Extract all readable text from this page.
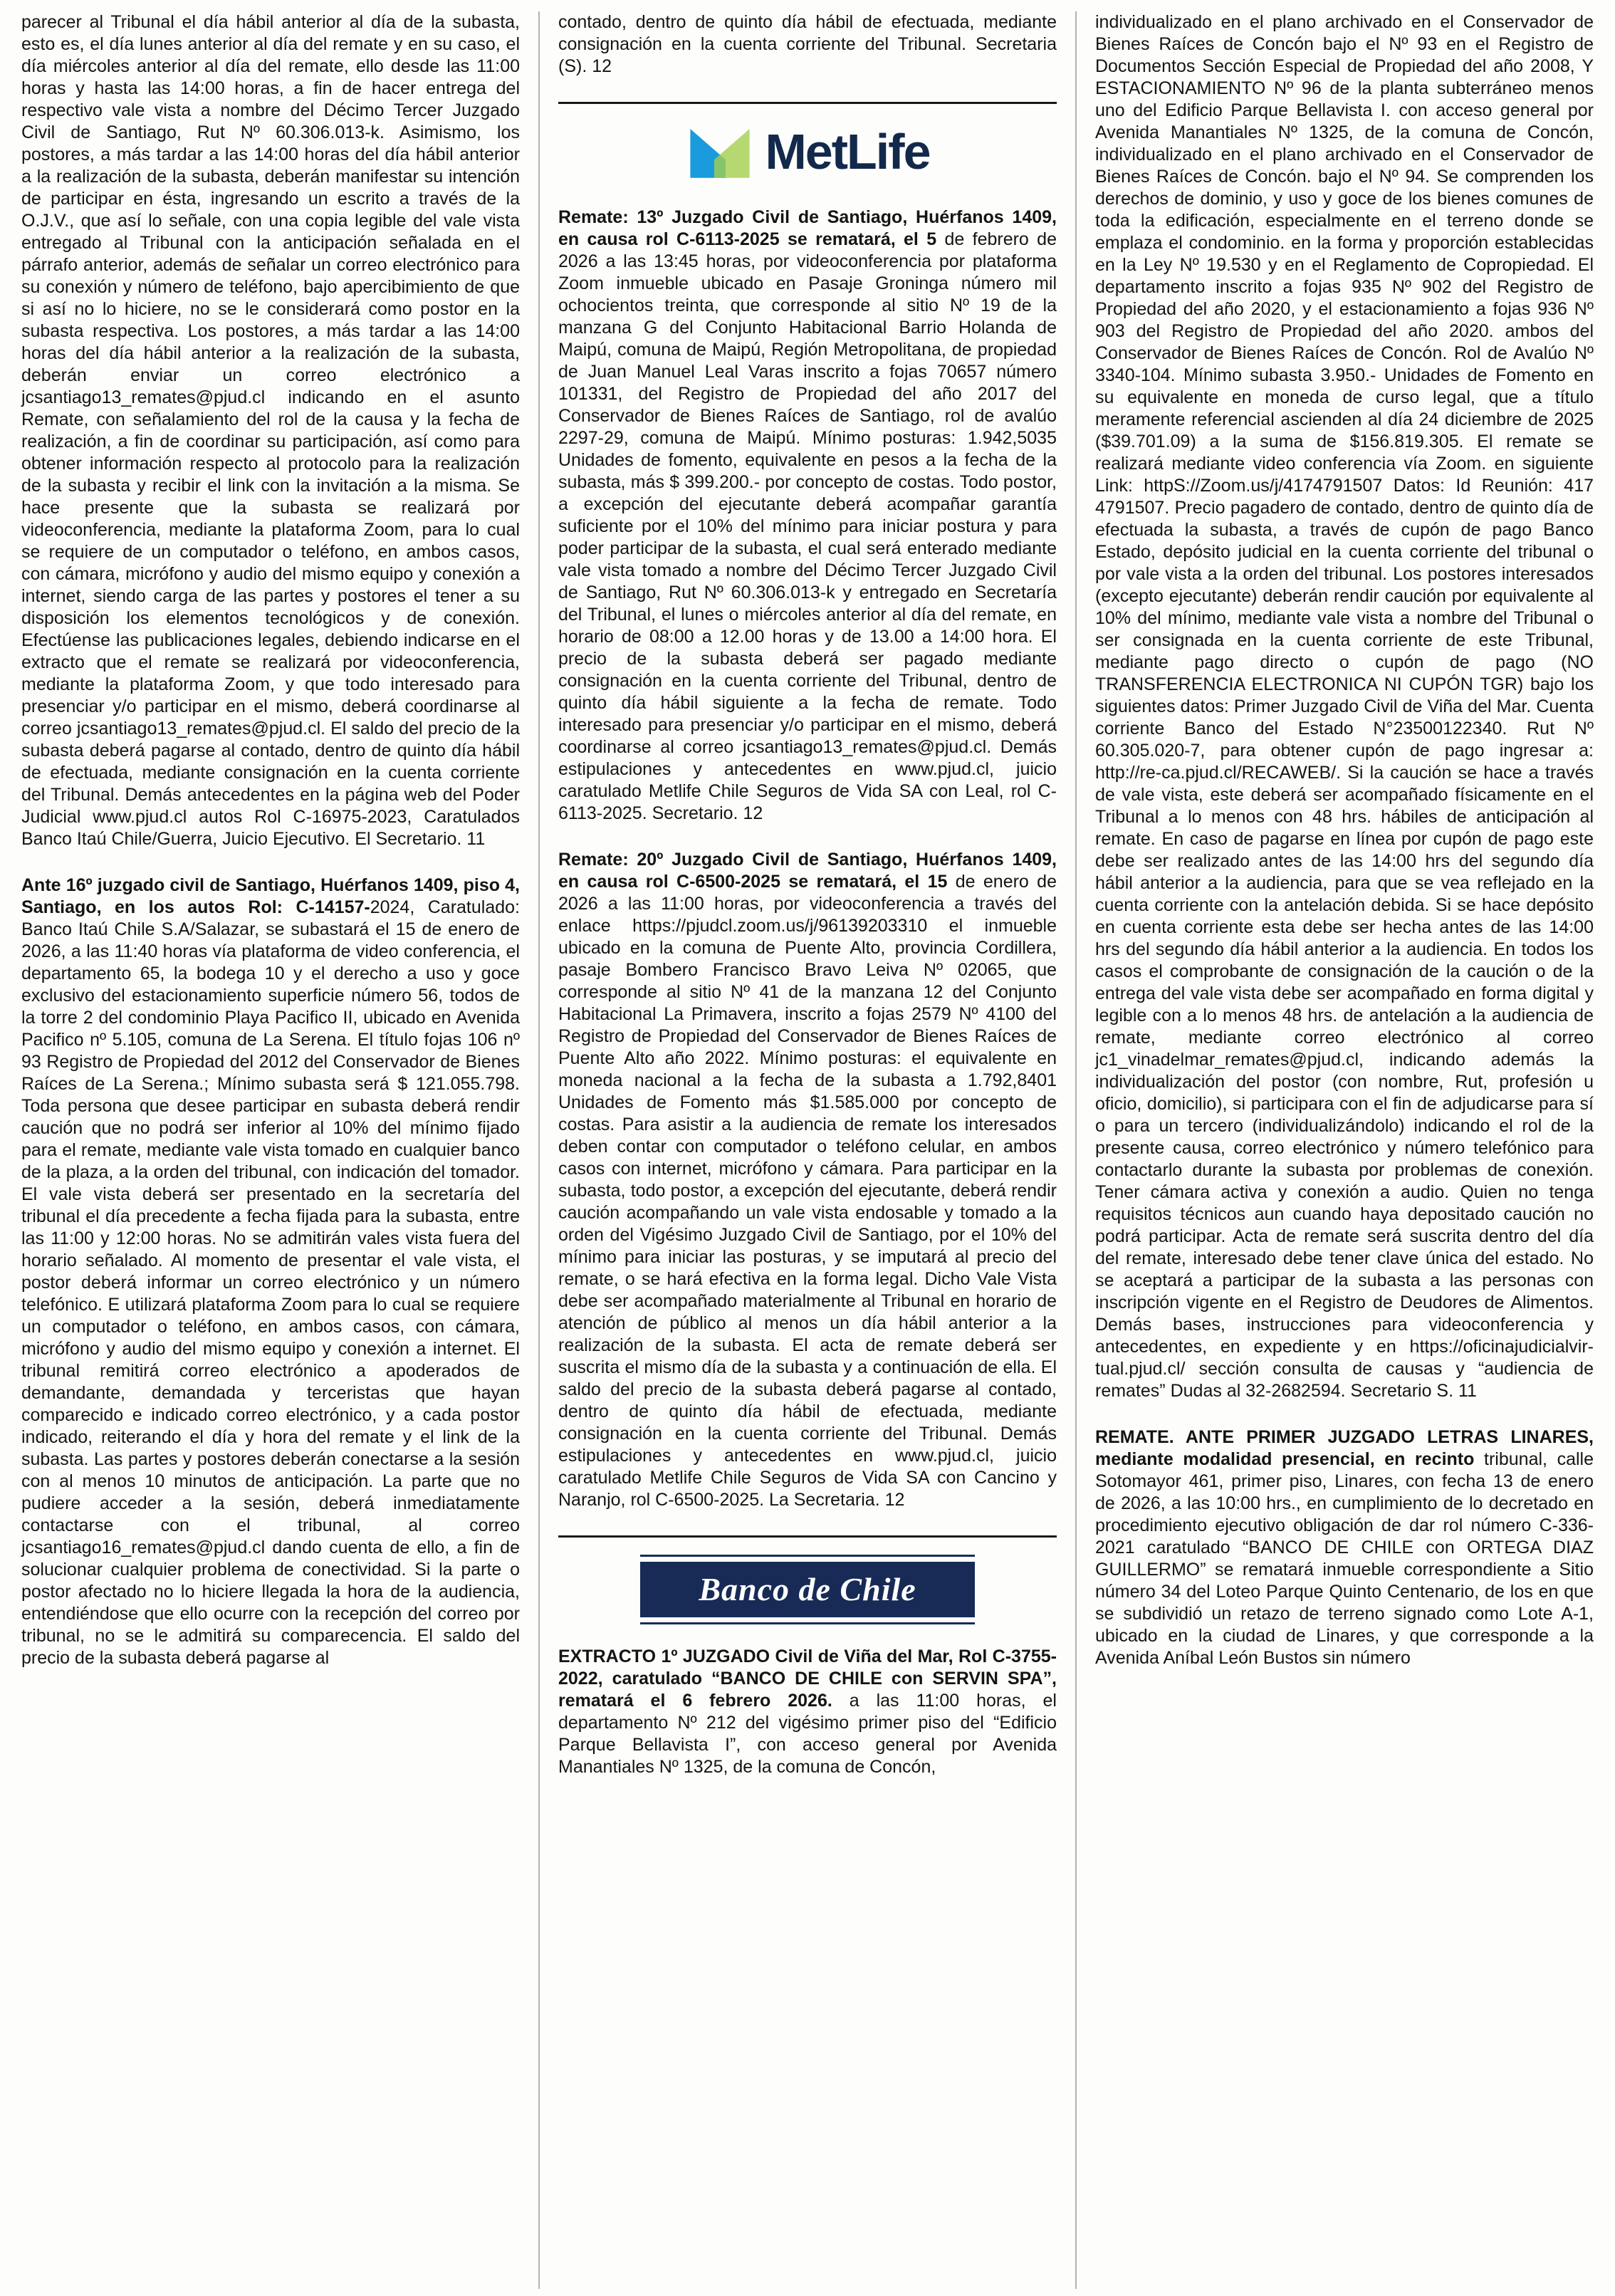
parecer al Tribunal el día hábil anterior al día de la subasta, esto es, el día lunes anterior al día del remate y en su caso, el día miércoles anterior al día del remate, ello desde las 11:00 horas y hasta las 14:00 horas, a fin de hacer entrega del respectivo vale vista a nombre del Décimo Tercer Juzgado Civil de Santiago, Rut Nº 60.306.013-k. Asimismo, los postores, a más tardar a las 14:00 horas del día hábil anterior a la realización de la subasta, deberán manifestar su intención de participar en ésta, ingresando un escrito a través de la O.J.V., que así lo señale, con una copia legible del vale vista entregado al Tribunal con la anticipación señalada en el párrafo anterior, además de señalar un correo electrónico para su conexión y número de teléfono, bajo apercibimiento de que si así no lo hiciere, no se le considerará como postor en la subasta respectiva. Los postores, a más tardar a las 14:00 horas del día hábil anterior a la realización de la subasta, deberán enviar un correo electrónico a jcsantiago13_remates@pjud.cl indicando en el asunto Remate, con señalamiento del rol de la causa y la fecha de realización, a fin de coordinar su participación, así como para obtener información respecto al protocolo para la realización de la subasta y recibir el link con la invitación a la misma. Se hace presente que la subasta se realizará por videoconferencia, mediante la plataforma Zoom, para lo cual se requiere de un computador o teléfono, en ambos casos, con cámara, micrófono y audio del mismo equipo y conexión a internet, siendo carga de las partes y postores el tener a su disposición los elementos tecnológicos y de conexión. Efectúense las publicaciones legales, debiendo indicarse en el extracto que el remate se realizará por videoconferencia, mediante la plataforma Zoom, y que todo interesado para presenciar y/o participar en el mismo, deberá coordinarse al correo jcsantiago13_remates@pjud.cl. El saldo del precio de la subasta deberá pagarse al contado, dentro de quinto día hábil de efectuada, mediante consignación en la cuenta corriente del Tribunal. Demás antecedentes en la página web del Poder Judicial www.pjud.cl autos Rol C-16975-2023, Caratulados Banco Itaú Chile/Guerra, Juicio Ejecutivo. El Secretario. 11

Ante 16º juzgado civil de Santiago, Huérfanos 1409, piso 4, Santiago, en los autos Rol: C-14157-2024, Caratulado: Banco Itaú Chile S.A/Salazar, se subastará el 15 de enero de 2026, a las 11:40 horas vía plataforma de video conferencia, el departamento 65, la bodega 10 y el derecho a uso y goce exclusivo del estacionamiento superficie número 56, todos de la torre 2 del condominio Playa Pacifico II, ubicado en Avenida Pacifico nº 5.105, comuna de La Serena. El título fojas 106 nº 93 Registro de Propiedad del 2012 del Conservador de Bienes Raíces de La Serena.; Mínimo subasta será $ 121.055.798. Toda persona que desee participar en subasta deberá rendir caución que no podrá ser inferior al 10% del mínimo fijado para el remate, mediante vale vista tomado en cualquier banco de la plaza, a la orden del tribunal, con indicación del tomador. El vale vista deberá ser presentado en la secretaría del tribunal el día precedente a fecha fijada para la subasta, entre las 11:00 y 12:00 horas. No se admitirán vales vista fuera del horario señalado. Al momento de presentar el vale vista, el postor deberá informar un correo electrónico y un número telefónico. E utilizará plataforma Zoom para lo cual se requiere un computador o teléfono, en ambos casos, con cámara, micrófono y audio del mismo equipo y conexión a internet. El tribunal remitirá correo electrónico a apoderados de demandante, demandada y terceristas que hayan comparecido e indicado correo electrónico, y a cada postor indicado, reiterando el día y hora del remate y el link de la subasta. Las partes y postores deberán conectarse a la sesión con al menos 10 minutos de anticipación. La parte que no pudiere acceder a la sesión, deberá inmediatamente contactarse con el tribunal, al correo jcsantiago16_remates@pjud.cl dando cuenta de ello, a fin de solucionar cualquier problema de conectividad. Si la parte o postor afectado no lo hiciere llegada la hora de la audiencia, entendiéndose que ello ocurre con la recepción del correo por tribunal, no se le admitirá su comparecencia. El saldo del precio de la subasta deberá pagarse al

contado, dentro de quinto día hábil de efectuada, mediante consignación en la cuenta corriente del Tribunal. Secretaria (S). 12

MetLife

Remate: 13º Juzgado Civil de Santiago, Huérfanos 1409, en causa rol C-6113-2025 se rematará, el 5 de febrero de 2026 a las 13:45 horas, por videoconferencia por plataforma Zoom inmueble ubicado en Pasaje Groninga número mil ochocientos treinta, que corresponde al sitio Nº 19 de la manzana G del Conjunto Habitacional Barrio Holanda de Maipú, comuna de Maipú, Región Metropolitana, de propiedad de Juan Manuel Leal Varas inscrito a fojas 70657 número 101331, del Registro de Propiedad del año 2017 del Conservador de Bienes Raíces de Santiago, rol de avalúo 2297-29, comuna de Maipú. Mínimo posturas: 1.942,5035 Unidades de fomento, equivalente en pesos a la fecha de la subasta, más $ 399.200.- por concepto de costas. Todo postor, a excepción del ejecutante deberá acompañar garantía suficiente por el 10% del mínimo para iniciar postura y para poder participar de la subasta, el cual será enterado mediante vale vista tomado a nombre del Décimo Tercer Juzgado Civil de Santiago, Rut Nº 60.306.013-k y entregado en Secretaría del Tribunal, el lunes o miércoles anterior al día del remate, en horario de 08:00 a 12.00 horas y de 13.00 a 14:00 hora. El precio de la subasta deberá ser pagado mediante consignación en la cuenta corriente del Tribunal, dentro de quinto día hábil siguiente a la fecha de remate. Todo interesado para presenciar y/o participar en el mismo, deberá coordinarse al correo jcsantiago13_remates@pjud.cl. Demás estipulaciones y antecedentes en www.pjud.cl, juicio caratulado Metlife Chile Seguros de Vida SA con Leal, rol C-6113-2025. Secretario. 12

Remate: 20º Juzgado Civil de Santiago, Huérfanos 1409, en causa rol C-6500-2025 se rematará, el 15 de enero de 2026 a las 11:00 horas, por videoconferencia a través del enlace https://pjudcl.zoom.us/j/96139203310 el inmueble ubicado en la comuna de Puente Alto, provincia Cordillera, pasaje Bombero Francisco Bravo Leiva Nº 02065, que corresponde al sitio Nº 41 de la manzana 12 del Conjunto Habitacional La Primavera, inscrito a fojas 2579 Nº 4100 del Registro de Propiedad del Conservador de Bienes Raíces de Puente Alto año 2022. Mínimo posturas: el equivalente en moneda nacional a la fecha de la subasta a 1.792,8401 Unidades de Fomento más $1.585.000 por concepto de costas. Para asistir a la audiencia de remate los interesados deben contar con computador o teléfono celular, en ambos casos con internet, micrófono y cámara. Para participar en la subasta, todo postor, a excepción del ejecutante, deberá rendir caución acompañando un vale vista endosable y tomado a la orden del Vigésimo Juzgado Civil de Santiago, por el 10% del mínimo para iniciar las posturas, y se imputará al precio del remate, o se hará efectiva en la forma legal. Dicho Vale Vista debe ser acompañado materialmente al Tribunal en horario de atención de público al menos un día hábil anterior a la realización de la subasta. El acta de remate deberá ser suscrita el mismo día de la subasta y a continuación de ella. El saldo del precio de la subasta deberá pagarse al contado, dentro de quinto día hábil de efectuada, mediante consignación en la cuenta corriente del Tribunal. Demás estipulaciones y antecedentes en www.pjud.cl, juicio caratulado Metlife Chile Seguros de Vida SA con Cancino y Naranjo, rol C-6500-2025. La Secretaria. 12

Banco de Chile

EXTRACTO 1º JUZGADO Civil de Viña del Mar, Rol C-3755-2022, caratulado “BANCO DE CHILE con SERVIN SPA”, rematará el 6 febrero 2026. a las 11:00 horas, el departamento Nº 212 del vigésimo primer piso del “Edificio Parque Bellavista I”, con acceso general por Avenida Manantiales Nº 1325, de la comuna de Concón,

individualizado en el plano archivado en el Conservador de Bienes Raíces de Concón bajo el Nº 93 en el Registro de Documentos Sección Especial de Propiedad del año 2008, Y ESTACIONAMIENTO Nº 96 de la planta subterráneo menos uno del Edificio Parque Bellavista I. con acceso general por Avenida Manantiales Nº 1325, de la comuna de Concón, individualizado en el plano archivado en el Conservador de Bienes Raíces de Concón. bajo el Nº 94. Se comprenden los derechos de dominio, y uso y goce de los bienes comunes de toda la edificación, especialmente en el terreno donde se emplaza el condominio. en la forma y proporción establecidas en la Ley Nº 19.530 y en el Reglamento de Copropiedad. El departamento inscrito a fojas 935 Nº 902 del Registro de Propiedad del año 2020, y el estacionamiento a fojas 936 Nº 903 del Registro de Propiedad del año 2020. ambos del Conservador de Bienes Raíces de Concón. Rol de Avalúo Nº 3340-104. Mínimo subasta 3.950.- Unidades de Fomento en su equivalente en moneda de curso legal, que a título meramente referencial ascienden al día 24 diciembre de 2025 ($39.701.09) a la suma de $156.819.305. El remate se realizará mediante video conferencia vía Zoom. en siguiente Link: httpS://Zoom.us/j/4174791507 Datos: Id Reunión: 417 4791507. Precio pagadero de contado, dentro de quinto día de efectuada la subasta, a través de cupón de pago Banco Estado, depósito judicial en la cuenta corriente del tribunal o por vale vista a la orden del tribunal. Los postores interesados (excepto ejecutante) deberán rendir caución por equivalente al 10% del mínimo, mediante vale vista a nombre del Tribunal o ser consignada en la cuenta corriente de este Tribunal, mediante pago directo o cupón de pago (NO TRANSFERENCIA ELECTRONICA NI CUPÓN TGR) bajo los siguientes datos: Primer Juzgado Civil de Viña del Mar. Cuenta corriente Banco del Estado N°23500122340. Rut Nº 60.305.020-7, para obtener cupón de pago ingresar a: http://re-ca.pjud.cl/RECAWEB/. Si la caución se hace a través de vale vista, este deberá ser acompañado físicamente en el Tribunal a lo menos con 48 hrs. hábiles de anticipación al remate. En caso de pagarse en línea por cupón de pago este debe ser realizado antes de las 14:00 hrs del segundo día hábil anterior a la audiencia, para que se vea reflejado en la cuenta corriente con la antelación debida. Si se hace depósito en cuenta corriente esta debe ser hecha antes de las 14:00 hrs del segundo día hábil anterior a la audiencia. En todos los casos el comprobante de consignación de la caución o de la entrega del vale vista debe ser acompañado en forma digital y legible con a lo menos 48 hrs. de antelación a la audiencia de remate, mediante correo electrónico al correo jc1_vinadelmar_remates@pjud.cl, indicando además la individualización del postor (con nombre, Rut, profesión u oficio, domicilio), si participara con el fin de adjudicarse para sí o para un tercero (individualizándolo) indicando el rol de la presente causa, correo electrónico y número telefónico para contactarlo durante la subasta por problemas de conexión. Tener cámara activa y conexión a audio. Quien no tenga requisitos técnicos aun cuando haya depositado caución no podrá participar. Acta de remate será suscrita dentro del día del remate, interesado debe tener clave única del estado. No se aceptará a participar de la subasta a las personas con inscripción vigente en el Registro de Deudores de Alimentos. Demás bases, instrucciones para videoconferencia y antecedentes, en expediente y en https://oficinajudicialvir-tual.pjud.cl/ sección consulta de causas y “audiencia de remates” Dudas al 32-2682594. Secretario S. 11

REMATE. ANTE PRIMER JUZGADO LETRAS LINARES, mediante modalidad presencial, en recinto tribunal, calle Sotomayor 461, primer piso, Linares, con fecha 13 de enero de 2026, a las 10:00 hrs., en cumplimiento de lo decretado en procedimiento ejecutivo obligación de dar rol número C-336-2021 caratulado “BANCO DE CHILE con ORTEGA DIAZ GUILLERMO” se rematará inmueble correspondiente a Sitio número 34 del Loteo Parque Quinto Centenario, de los en que se subdividió un retazo de terreno signado como Lote A-1, ubicado en la ciudad de Linares, y que corresponde a la Avenida Aníbal León Bustos sin número
